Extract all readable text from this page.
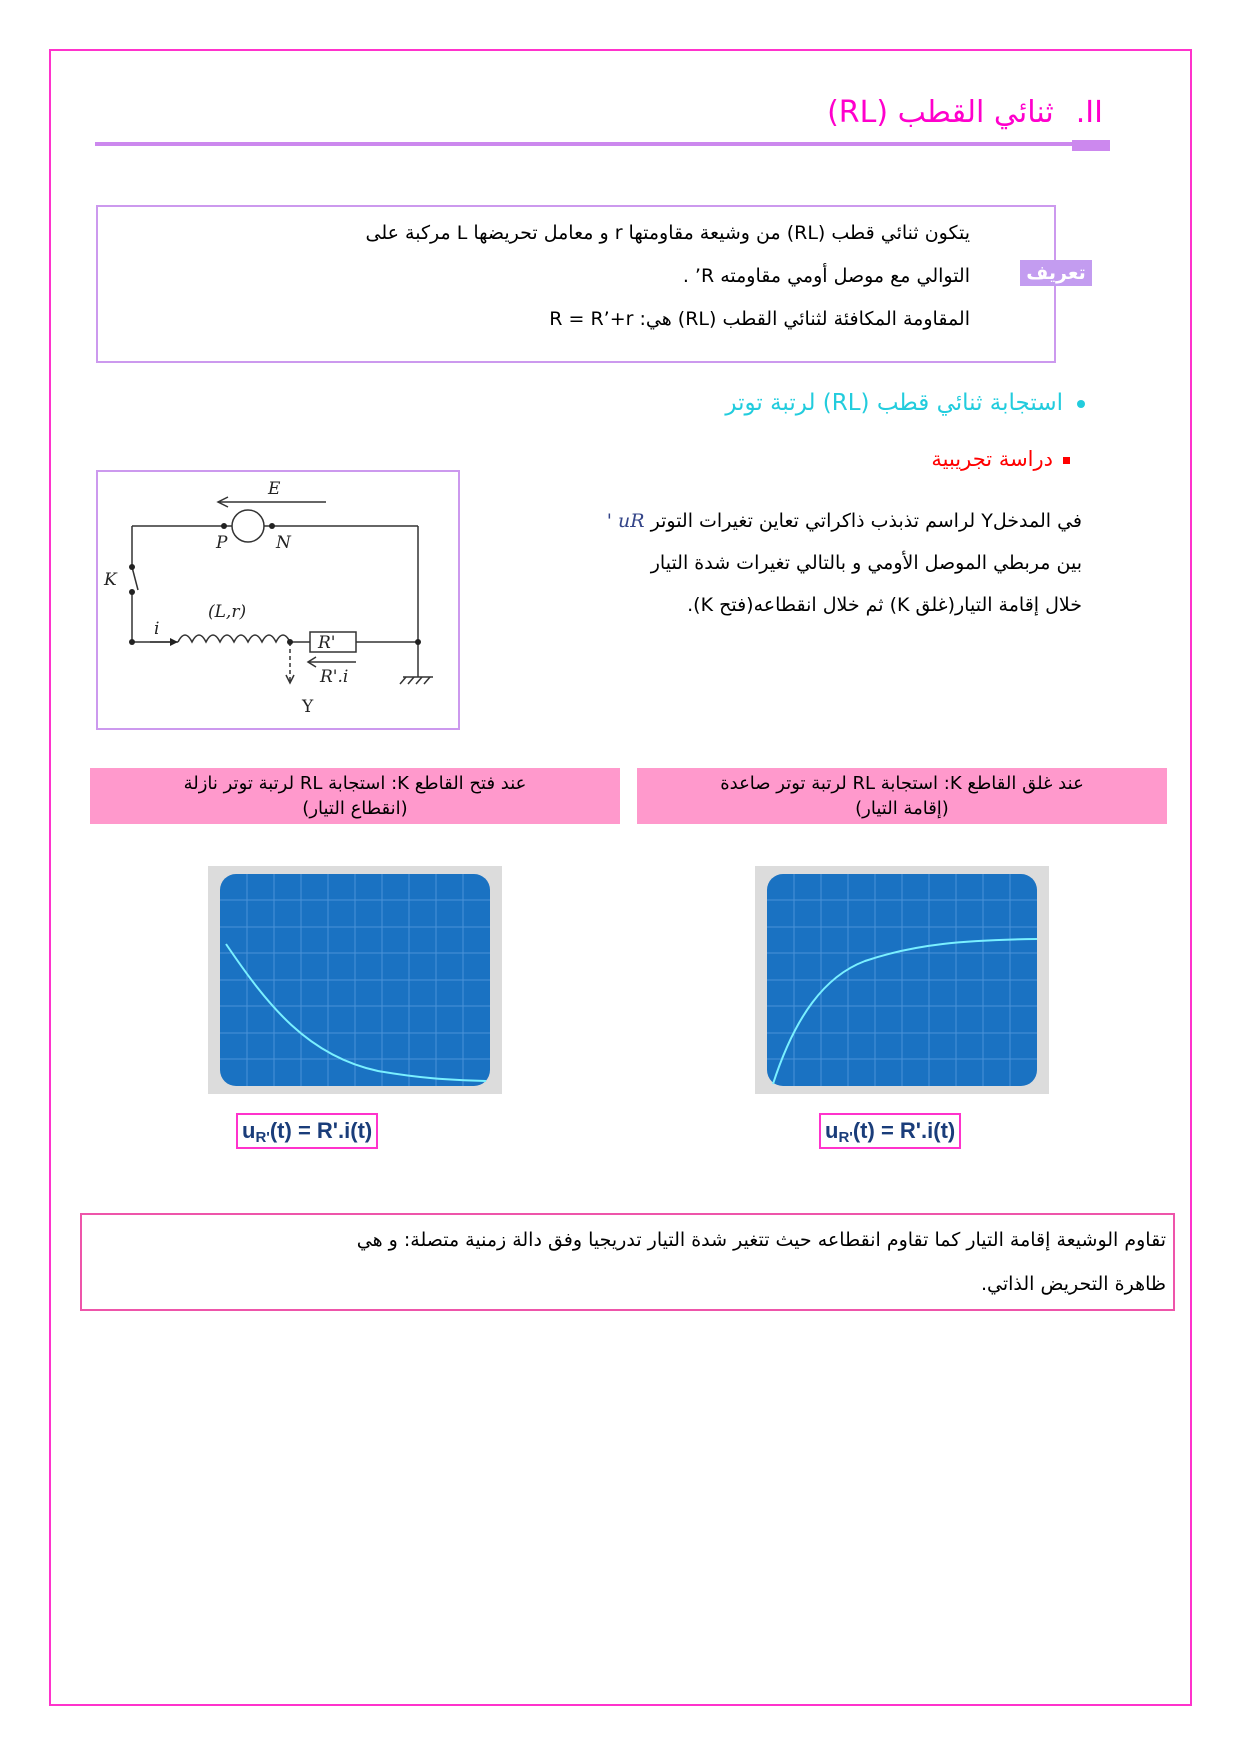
II.ثنائي القطب (RL)
يتكون ثنائي قطب (RL) من وشيعة مقاومتها r و معامل تحريضها L مركبة على
التوالي مع موصل أومي مقاومته R’ .
المقاومة المكافئة لثنائي القطب (RL) هي: R = R’+r
تعريف
استجابة ثنائي قطب (RL) لرتبة توتر
دراسة تجريبية
E
P	N
K
i
(L,r)
R'
R'.i
Y
في المدخلY لراسم تذبذب ذاكراتي تعاين تغيرات التوتر uR '
بين مربطي الموصل الأومي و بالتالي تغيرات شدة التيار
خلال إقامة التيار(غلق K) ثم خلال انقطاعه(فتح K).
عند فتح القاطع K: استجابة RL لرتبة توتر نازلة
(انقطاع التيار)
عند غلق القاطع K: استجابة RL لرتبة توتر صاعدة
(إقامة التيار)
$u_{R'}(t) = R'.i(t)$	$u_{R'}(t) = R'.i(t)$
تقاوم الوشيعة إقامة التيار كما تقاوم انقطاعه حيث تتغير شدة التيار تدريجيا وفق دالة زمنية متصلة: و هي
ظاهرة التحريض الذاتي.
